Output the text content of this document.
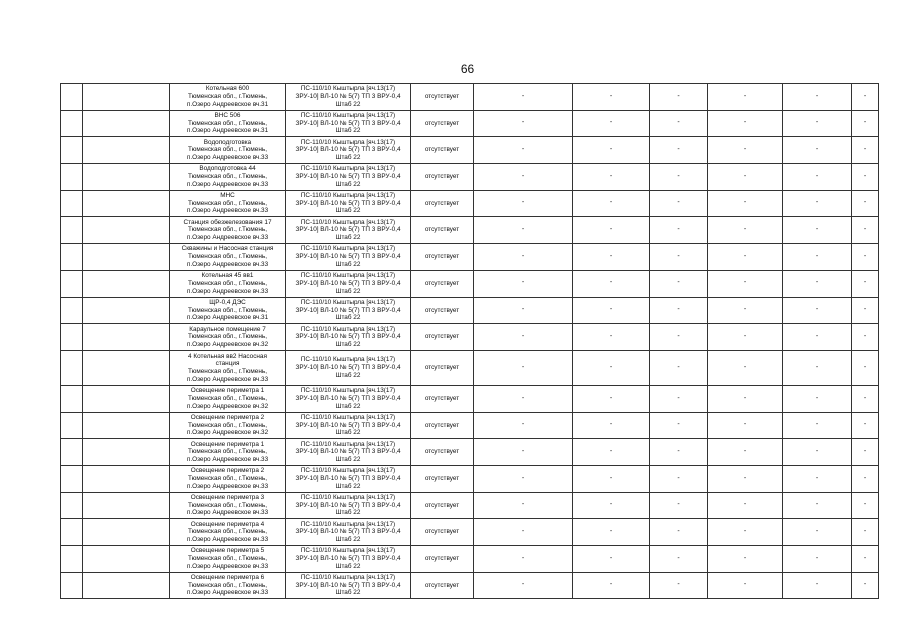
66
		Котельная 600
Тюменская обл., г.Тюмень,
п.Озеро Андреевское вч.31	ПС-110/10 Кыштырла [яч.13(17)
ЗРУ-10] ВЛ-10 № 5(7) ТП 3 ВРУ-0,4
Штаб 22	отсутствует	-	-	-	-	-	-
		ВНС 506
Тюменская обл., г.Тюмень,
п.Озеро Андреевское вч.31	ПС-110/10 Кыштырла [яч.13(17)
ЗРУ-10] ВЛ-10 № 5(7) ТП 3 ВРУ-0,4
Штаб 22	отсутствует	-	-	-	-	-	-
		Водоподготовка
Тюменская обл., г.Тюмень,
п.Озеро Андреевское вч.33	ПС-110/10 Кыштырла [яч.13(17)
ЗРУ-10] ВЛ-10 № 5(7) ТП 3 ВРУ-0,4
Штаб 22	отсутствует	-	-	-	-	-	-
		Водоподготовка 44
Тюменская обл., г.Тюмень,
п.Озеро Андреевское вч.33	ПС-110/10 Кыштырла [яч.13(17)
ЗРУ-10] ВЛ-10 № 5(7) ТП 3 ВРУ-0,4
Штаб 22	отсутствует	-	-	-	-	-	-
		МНС
Тюменская обл., г.Тюмень,
п.Озеро Андреевское вч.33	ПС-110/10 Кыштырла [яч.13(17)
ЗРУ-10] ВЛ-10 № 5(7) ТП 3 ВРУ-0,4
Штаб 22	отсутствует	-	-	-	-	-	-
		Станция обезжелезования 17
Тюменская обл., г.Тюмень,
п.Озеро Андреевское вч.33	ПС-110/10 Кыштырла [яч.13(17)
ЗРУ-10] ВЛ-10 № 5(7) ТП 3 ВРУ-0,4
Штаб 22	отсутствует	-	-	-	-	-	-
		Скважины и Насосная станция
Тюменская обл., г.Тюмень,
п.Озеро Андреевское вч.33	ПС-110/10 Кыштырла [яч.13(17)
ЗРУ-10] ВЛ-10 № 5(7) ТП 3 ВРУ-0,4
Штаб 22	отсутствует	-	-	-	-	-	-
		Котельная 45 вв1
Тюменская обл., г.Тюмень,
п.Озеро Андреевское вч.33	ПС-110/10 Кыштырла [яч.13(17)
ЗРУ-10] ВЛ-10 № 5(7) ТП 3 ВРУ-0,4
Штаб 22	отсутствует	-	-	-	-	-	-
		ЩР-0,4 ДЭС
Тюменская обл., г.Тюмень,
п.Озеро Андреевское вч.31	ПС-110/10 Кыштырла [яч.13(17)
ЗРУ-10] ВЛ-10 № 5(7) ТП 3 ВРУ-0,4
Штаб 22	отсутствует	-	-	-	-	-	-
		Караульное помещение 7
Тюменская обл., г.Тюмень,
п.Озеро Андреевское вч.32	ПС-110/10 Кыштырла [яч.13(17)
ЗРУ-10] ВЛ-10 № 5(7) ТП 3 ВРУ-0,4
Штаб 22	отсутствует	-	-	-	-	-	-
		4 Котельная вв2 Насосная
станция
Тюменская обл., г.Тюмень,
п.Озеро Андреевское вч.33	ПС-110/10 Кыштырла [яч.13(17)
ЗРУ-10] ВЛ-10 № 5(7) ТП 3 ВРУ-0,4
Штаб 22	отсутствует	-	-	-	-	-	-
		Освещение периметра 1
Тюменская обл., г.Тюмень,
п.Озеро Андреевское вч.32	ПС-110/10 Кыштырла [яч.13(17)
ЗРУ-10] ВЛ-10 № 5(7) ТП 3 ВРУ-0,4
Штаб 22	отсутствует	-	-	-	-	-	-
		Освещение периметра 2
Тюменская обл., г.Тюмень,
п.Озеро Андреевское вч.32	ПС-110/10 Кыштырла [яч.13(17)
ЗРУ-10] ВЛ-10 № 5(7) ТП 3 ВРУ-0,4
Штаб 22	отсутствует	-	-	-	-	-	-
		Освещение периметра 1
Тюменская обл., г.Тюмень,
п.Озеро Андреевское вч.33	ПС-110/10 Кыштырла [яч.13(17)
ЗРУ-10] ВЛ-10 № 5(7) ТП 3 ВРУ-0,4
Штаб 22	отсутствует	-	-	-	-	-	-
		Освещение периметра 2
Тюменская обл., г.Тюмень,
п.Озеро Андреевское вч.33	ПС-110/10 Кыштырла [яч.13(17)
ЗРУ-10] ВЛ-10 № 5(7) ТП 3 ВРУ-0,4
Штаб 22	отсутствует	-	-	-	-	-	-
		Освещение периметра 3
Тюменская обл., г.Тюмень,
п.Озеро Андреевское вч.33	ПС-110/10 Кыштырла [яч.13(17)
ЗРУ-10] ВЛ-10 № 5(7) ТП 3 ВРУ-0,4
Штаб 22	отсутствует	-	-	-	-	-	-
		Освещение периметра 4
Тюменская обл., г.Тюмень,
п.Озеро Андреевское вч.33	ПС-110/10 Кыштырла [яч.13(17)
ЗРУ-10] ВЛ-10 № 5(7) ТП 3 ВРУ-0,4
Штаб 22	отсутствует	-	-	-	-	-	-
		Освещение периметра 5
Тюменская обл., г.Тюмень,
п.Озеро Андреевское вч.33	ПС-110/10 Кыштырла [яч.13(17)
ЗРУ-10] ВЛ-10 № 5(7) ТП 3 ВРУ-0,4
Штаб 22	отсутствует	-	-	-	-	-	-
		Освещение периметра 6
Тюменская обл., г.Тюмень,
п.Озеро Андреевское вч.33	ПС-110/10 Кыштырла [яч.13(17)
ЗРУ-10] ВЛ-10 № 5(7) ТП 3 ВРУ-0,4
Штаб 22	отсутствует	-	-	-	-	-	-
